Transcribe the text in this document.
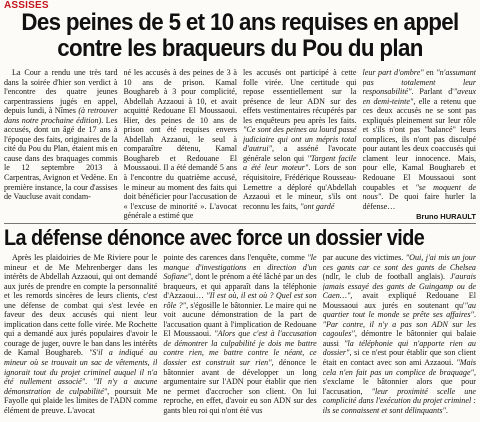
ASSISES
Des peines de 5 et 10 ans requises en appel
contre les braqueurs du Pou du plan

La Cour a rendu une très tard dans la soirée d'hier son verdict à l'encontre des quatre jeunes carpentrassiens jugés en appel, depuis lundi, à Nîmes (à retrouver dans notre prochaine édition). Les accusés, dont un âgé de 17 ans à l'époque des faits, originaires de la cité du Pou du Plan, étaient mis en cause dans des braquages commis le 12 septembre 2013 à Carpentras, Avignon et Vedène. En première instance, la cour d'assises de Vaucluse avait condam-

né les accusés à des peines de 3 à 10 ans de prison. Kamal Boughareb à 3 pour complicité, Abdellah Azzaoui à 10, et avait acquitté Redouane El Moussaoui. Hier, des peines de 10 ans de prison ont été requises envers Abdellah Azzaoui, le seul à comparaître détenu, Kamal Boughareb et Redouane El Moussaoui. Il a été demandé 5 ans à l'encontre du quatrième accusé, le mineur au moment des faits qui doit bénéficier pour l'accusation de « l'excuse de minorité ». L'avocat générale a estimé que

les accusés ont participé à cette folle virée. Une certitude qui repose essentiellement sur la présence de leur ADN sur des effets vestimentaires récupérés par les enquêteurs peu après les faits. "Ce sont des peines au lourd passé judiciaire qui ont un mépris total d'autrui", a asséné l'avocate générale selon qui "Targent facile a été leur moteur". Lors de son réquisitoire, Frédérique Rousseau-Lemettre a déploré qu'Abdellah Azzaoui et le mineur, s'ils ont reconnu les faits, "ont gardé

leur part d'ombre" en "n'assumant pas totalement leur responsabilité". Parlant d'"aveux en demi-teinte", elle a retenu que ces deux accusés ne se sont pas expliqués pleinement sur leur rôle et s'ils n'ont pas "balancé" leurs complices, ils n'ont pas disculpé pour autant les deux coaccusés qui clament leur innocence. Mais, pour elle, Kamal Boughareb et Redouane El Moussaoui sont coupables et "se moquent de nous". De quoi faire hurler la défense…

Bruno HURAULT
La défense dénonce avec force un dossier vide

Après les plaidoiries de Me Riviere pour le mineur et de Me Mehrenberger dans les intérêts de Abdellah Azzaoui, qui ont demandé aux jurés de prendre en compte la personnalité et les remords sincères de leurs clients, c'est une défense de combat qui s'est levée en faveur des deux accusés qui nient leur implication dans cette folle virée. Me Rochette qui a demandé aux jurés populaires d'avoir le courage de juger, ouvre le ban dans les intérêts de Kamal Boughareb. "S'il a indiqué au mineur où se trouvait un sac de vêtements, il ignorait tout du projet criminel auquel il n'a été nullement associé". "Il n'y a aucune démonstration de culpabilité", poursuit Me Fayolle qui plaide les limites de l'ADN comme élément de preuve. L'avocat

pointe des carences dans l'enquête, comme "le manque d'investigations en direction d'un Sofiane", dont le prénom a été lâché par un des braqueurs, et qui apparaît dans la téléphonie d'Azzaoui… "Il est où, il est où ? Quel est son rôle ?", s'égosille le bâtonnier. Le maire qui ne voit aucune démonstration de la part de l'accusation quant à l'implication de Redouane El Moussaoui. "Alors que c'est à l'accusation de démontrer la culpabilité je dois me battre contre rien, me battre contre le néant, ce dossier est construit sur rien", dénonce le bâtonnier avant de développer un long argumentaire sur l'ADN pour établir que rien ne permet d'accrocher son client. On lui reproche, en effet, d'avoir eu son ADN sur des gants bleu roi qui n'ont été vus

par aucune des victimes. "Oui, j'ai mis un jour ces gants car ce sont des gants de Chelsea (ndlr, le club de football anglais). J'aurais jamais essayé des gants de Guingamp ou de Caen…", avait expliqué Redouane El Moussaoui aux jurés en soutenant qu'"au quartier tout le monde se prête ses affaires". "Par contre, il n'y a pas son ADN sur les cagoules", démontre le bâtonnier qui balaie aussi "la téléphonie qui n'apporte rien au dossier", si ce n'est pour établir que son client était en contact avec son ami Azzaoui. "Mais cela n'en fait pas un complice de braquage", s'exclame le bâtonnier alors que pour l'accusation, "leur proximité scelle une complicité dans l'exécution du projet criminel : ils se connaissent et sont délinquants".
